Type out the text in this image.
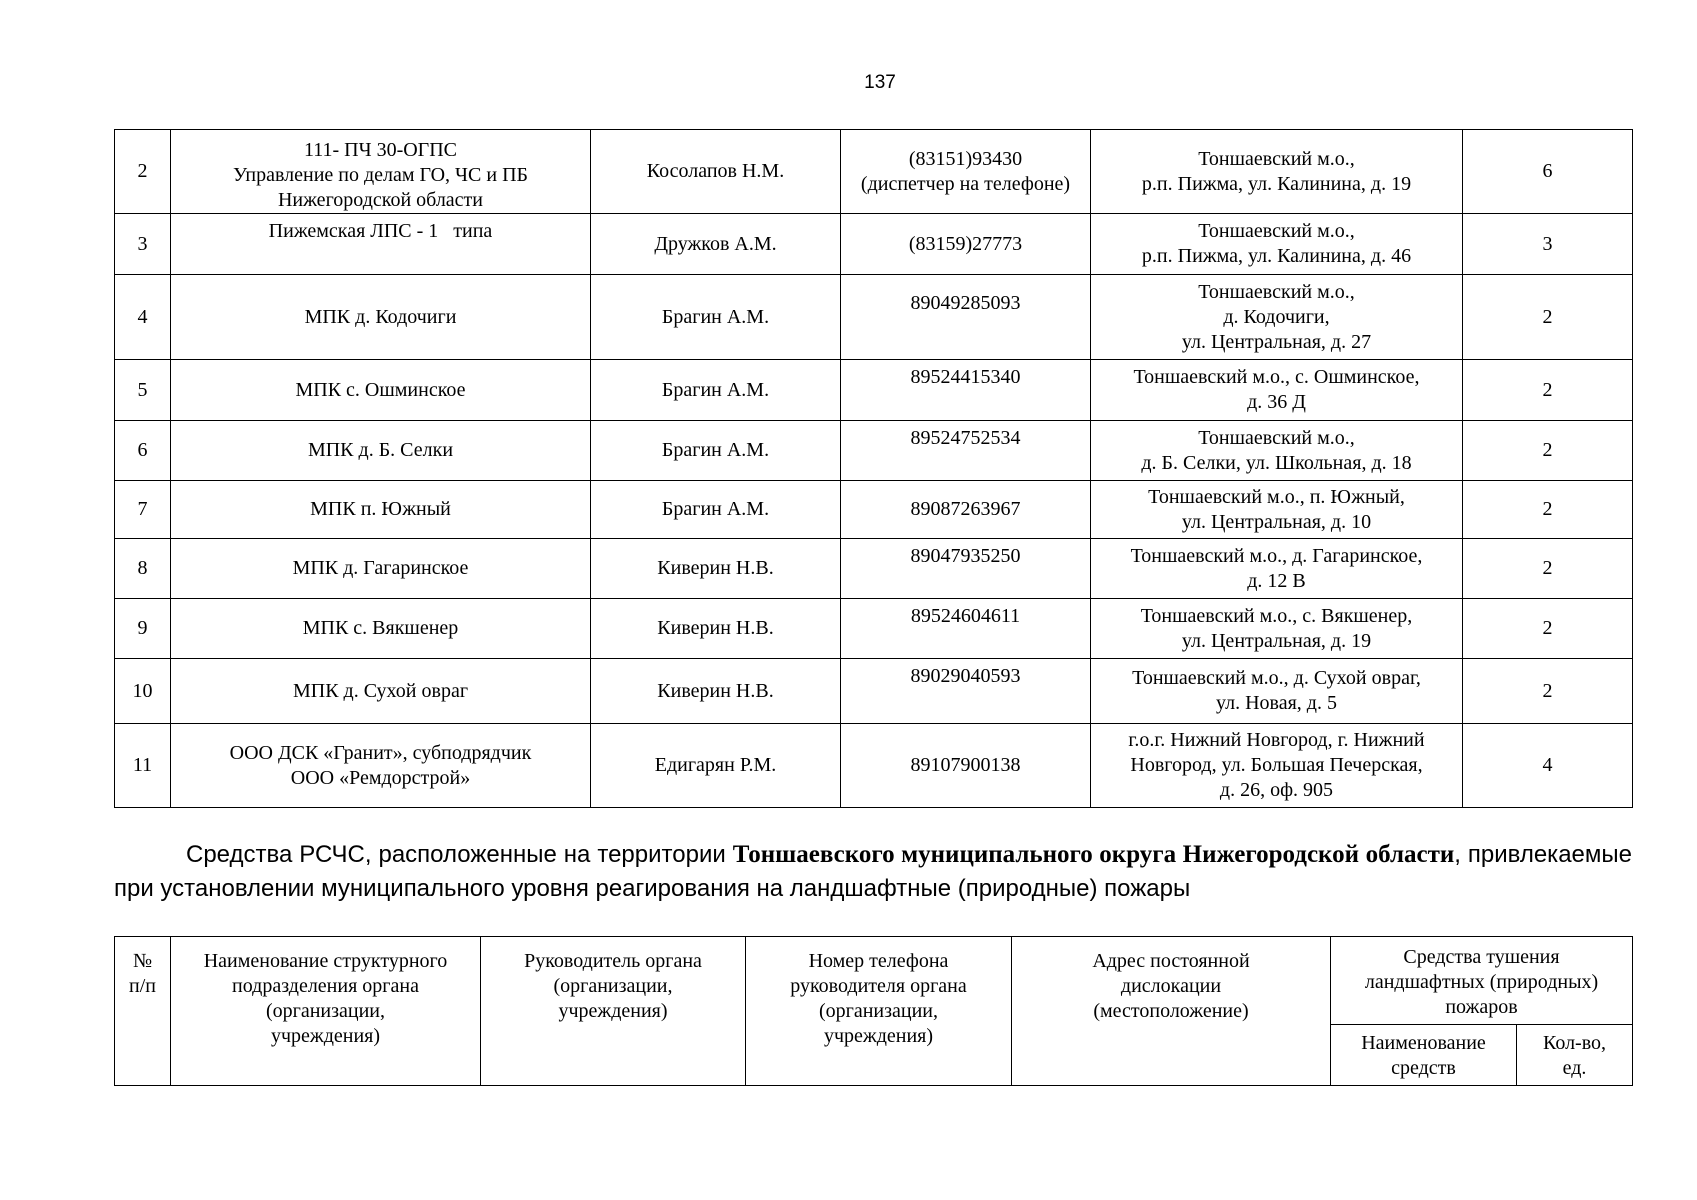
137
2	111- ПЧ 30-ОГПС
Управление по делам ГО, ЧС и ПБ
Нижегородской области	Косолапов Н.М.	(83151)93430
(диспетчер на телефоне)	Тоншаевский м.о.,
р.п. Пижма, ул. Калинина, д. 19	6
3	Пижемская ЛПС - 1   типа	Дружков А.М.	(83159)27773	Тоншаевский м.о.,
р.п. Пижма, ул. Калинина, д. 46	3
4	МПК д. Кодочиги	Брагин А.М.	89049285093	Тоншаевский м.о.,
д. Кодочиги,
ул. Центральная, д. 27	2
5	МПК с. Ошминское	Брагин А.М.	89524415340	Тоншаевский м.о., с. Ошминское,
д. 36 Д	2
6	МПК д. Б. Селки	Брагин А.М.	89524752534	Тоншаевский м.о.,
д. Б. Селки, ул. Школьная, д. 18	2
7	МПК п. Южный	Брагин А.М.	89087263967	Тоншаевский м.о., п. Южный,
ул. Центральная, д. 10	2
8	МПК д. Гагаринское	Киверин Н.В.	89047935250	Тоншаевский м.о., д. Гагаринское,
д. 12 В	2
9	МПК с. Вякшенер	Киверин Н.В.	89524604611	Тоншаевский м.о., с. Вякшенер,
ул. Центральная, д. 19	2
10	МПК д. Сухой овраг	Киверин Н.В.	89029040593	Тоншаевский м.о., д. Сухой овраг,
ул. Новая, д. 5	2
11	ООО ДСК «Гранит», субподрядчик
ООО «Ремдорстрой»	Едигарян Р.М.	89107900138	г.о.г. Нижний Новгород, г. Нижний
Новгород, ул. Большая Печерская,
д. 26, оф. 905	4
Средства РСЧС, расположенные на территории Тоншаевского муниципального округа Нижегородской области, привлекаемые при установлении муниципального уровня реагирования на ландшафтные (природные) пожары
№
п/п	Наименование структурного
подразделения органа
(организации,
учреждения)	Руководитель органа
(организации,
учреждения)	Номер телефона
руководителя органа
(организации,
учреждения)	Адрес постоянной
дислокации
(местоположение)	Средства тушения
ландшафтных (природных)
пожаров	
					Наименование
средств	Кол-во,
ед.
